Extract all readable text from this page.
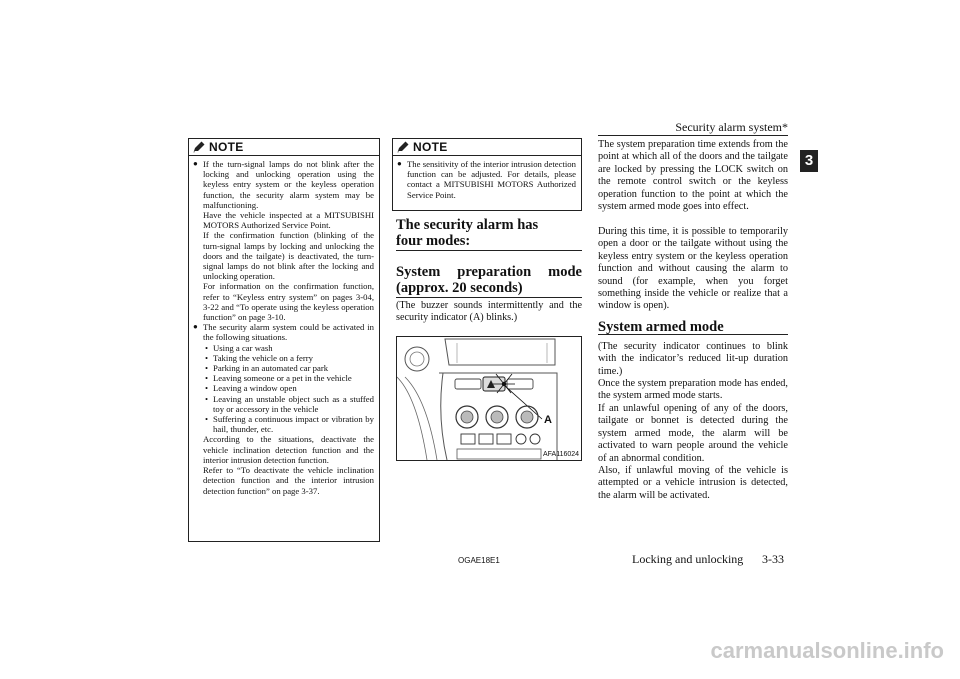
Security alarm system*
3
NOTE
● If the turn-signal lamps do not blink after the locking and unlocking operation using the keyless entry system or the keyless operation function, the security alarm system may be malfunctioning.

Have the vehicle inspected at a MITSUBISHI MOTORS Authorized Service Point.

If the confirmation function (blinking of the turn-signal lamps by locking and unlocking the doors and the tailgate) is deactivated, the turn-signal lamps do not blink after the locking and unlocking operation.

For information on the confirmation function, refer to “Keyless entry system” on pages 3-04, 3-22 and “To operate using the keyless operation function” on page 3-10.

● The security alarm system could be activated in the following situations.

• Using a car wash
• Taking the vehicle on a ferry
• Parking in an automated car park
• Leaving someone or a pet in the vehicle
• Leaving a window open
• Leaving an unstable object such as a stuffed toy or accessory in the vehicle
• Suffering a continuous impact or vibration by hail, thunder, etc.

According to the situations, deactivate the vehicle inclination detection function and the interior intrusion detection function.

Refer to “To deactivate the vehicle inclination detection function and the interior intrusion detection function” on page 3-37.

NOTE
● The sensitivity of the interior intrusion detection function can be adjusted. For details, please contact a MITSUBISHI MOTORS Authorized Service Point.
The security alarm has four modes:
System preparation mode (approx. 20 seconds)
(The buzzer sounds intermittently and the security indicator (A) blinks.)
A
AFA116024
The system preparation time extends from the point at which all of the doors and the tailgate are locked by pressing the LOCK switch on the remote control switch or the keyless operation function to the point at which the system armed mode goes into effect.
During this time, it is possible to temporarily open a door or the tailgate without using the keyless entry system or the keyless operation function and without causing the alarm to sound (for example, when you forget something inside the vehicle or realize that a window is open).
System armed mode
(The security indicator continues to blink with the indicator’s reduced lit-up duration time.)
Once the system preparation mode has ended, the system armed mode starts.
If an unlawful opening of any of the doors, tailgate or bonnet is detected during the system armed mode, the alarm will be activated to warn people around the vehicle of an abnormal condition.
Also, if unlawful moving of the vehicle is attempted or a vehicle intrusion is detected, the alarm will be activated.
OGAE18E1	Locking and unlocking 3-33
carmanualsonline.info
